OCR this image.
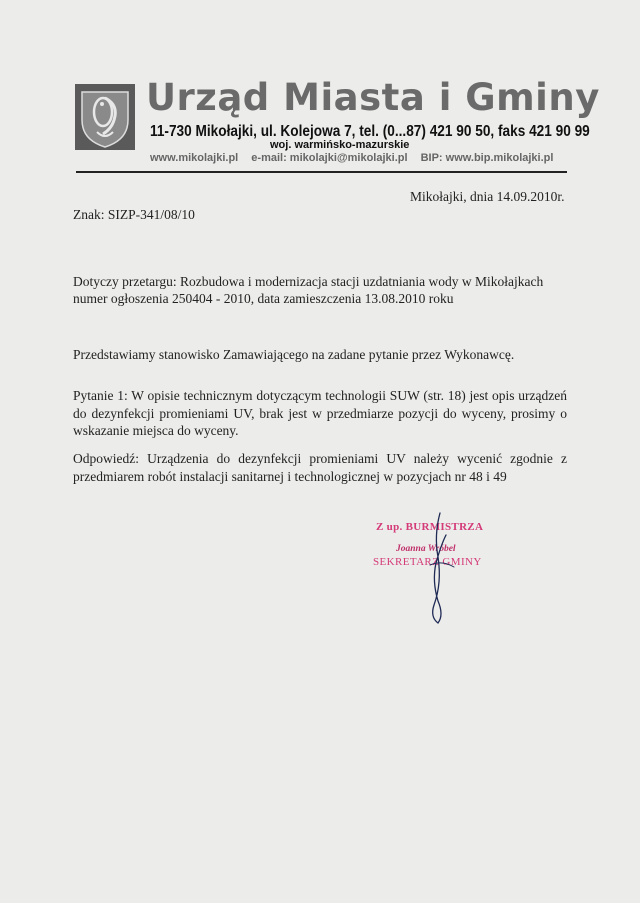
Urząd Miasta i Gminy
11-730 Mikołajki, ul. Kolejowa 7, tel. (0...87) 421 90 50, faks 421 90 99
woj. warmińsko-mazurskie
www.mikolajki.pl e-mail: mikolajki@mikolajki.pl BIP: www.bip.mikolajki.pl
Mikołajki, dnia 14.09.2010r.
Znak: SIZP-341/08/10
Dotyczy przetargu: Rozbudowa i modernizacja stacji uzdatniania wody w Mikołajkach
numer ogłoszenia 250404 - 2010, data zamieszczenia 13.08.2010 roku
Przedstawiamy stanowisko Zamawiającego na zadane pytanie przez Wykonawcę.
Pytanie 1: W opisie technicznym dotyczącym technologii SUW (str. 18) jest opis urządzeń do dezynfekcji promieniami UV, brak jest w przedmiarze pozycji do wyceny, prosimy o wskazanie miejsca do wyceny.
Odpowiedź: Urządzenia do dezynfekcji promieniami UV należy wycenić zgodnie z przedmiarem robót instalacji sanitarnej i technologicznej w pozycjach nr 48 i 49
Z up. BURMISTRZA
Joanna Wróbel
SEKRETARZ GMINY
